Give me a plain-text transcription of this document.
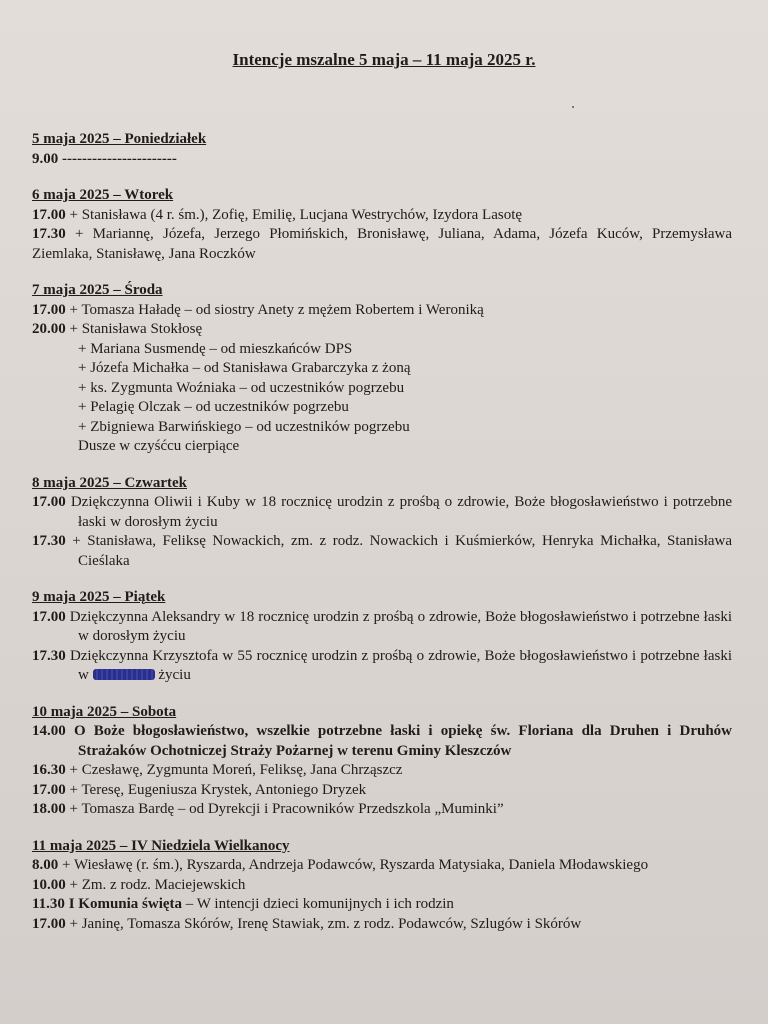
Intencje mszalne 5 maja – 11 maja 2025 r.
5 maja 2025 – Poniedziałek
9.00 -----------------------
6 maja 2025 – Wtorek
17.00 + Stanisława (4 r. śm.), Zofię, Emilię, Lucjana Westrychów, Izydora Lasotę
17.30 + Mariannę, Józefa, Jerzego Płomińskich, Bronisławę, Juliana, Adama, Józefa Kuców, Przemysława Ziemlaka, Stanisławę, Jana Roczków
7 maja 2025 – Środa
17.00 + Tomasza Haładę – od siostry Anety z mężem Robertem i Weroniką
20.00 + Stanisława Stokłosę
+ Mariana Susmendę – od mieszkańców DPS
+ Józefa Michałka – od Stanisława Grabarczyka z żoną
+ ks. Zygmunta Woźniaka – od uczestników pogrzebu
+ Pelagię Olczak – od uczestników pogrzebu
+ Zbigniewa Barwińskiego – od uczestników pogrzebu
Dusze w czyśćcu cierpiące
8 maja 2025 – Czwartek
17.00 Dziękczynna Oliwii i Kuby w 18 rocznicę urodzin z prośbą o zdrowie, Boże błogosławieństwo i potrzebne łaski w dorosłym życiu
17.30 + Stanisława, Feliksę Nowackich, zm. z rodz. Nowackich i Kuśmierków, Henryka Michałka, Stanisława Cieślaka
9 maja 2025 – Piątek
17.00 Dziękczynna Aleksandry w 18 rocznicę urodzin z prośbą o zdrowie, Boże błogosławieństwo i potrzebne łaski w dorosłym życiu
17.30 Dziękczynna Krzysztofa w 55 rocznicę urodzin z prośbą o zdrowie, Boże błogosławieństwo i potrzebne łaski w	życiu
10 maja 2025 – Sobota
14.00 O Boże błogosławieństwo, wszelkie potrzebne łaski i opiekę św. Floriana dla Druhen i Druhów Strażaków Ochotniczej Straży Pożarnej w terenu Gminy Kleszczów
16.30 + Czesławę, Zygmunta Moreń, Feliksę, Jana Chrząszcz
17.00 + Teresę, Eugeniusza Krystek, Antoniego Dryzek
18.00 + Tomasza Bardę – od Dyrekcji i Pracowników Przedszkola „Muminki”
11 maja 2025 – IV Niedziela Wielkanocy
8.00 + Wiesławę (r. śm.), Ryszarda, Andrzeja Podawców, Ryszarda Matysiaka, Daniela Młodawskiego
10.00 + Zm. z rodz. Maciejewskich
11.30 I Komunia święta – W intencji dzieci komunijnych i ich rodzin
17.00 + Janinę, Tomasza Skórów, Irenę Stawiak, zm. z rodz. Podawców, Szlugów i Skórów
